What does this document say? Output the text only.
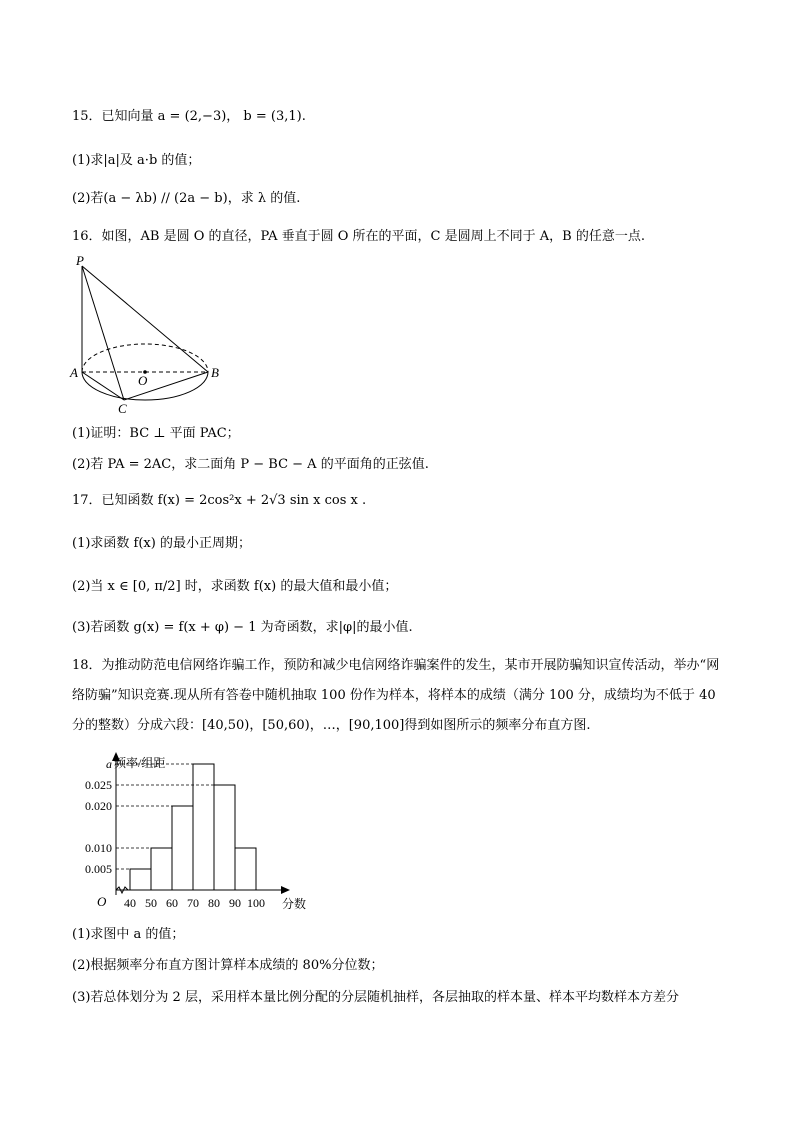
15．已知向量 a = (2,−3)， b = (3,1).
(1)求|a|及 a·b 的值；
(2)若(a − λb) // (2a − b)，求 λ 的值.
16．如图，AB 是圆 O 的直径，PA 垂直于圆 O 所在的平面，C 是圆周上不同于 A，B 的任意一点.
P
A	B
C
O
(1)证明：BC ⊥ 平面 PAC；
(2)若 PA = 2AC，求二面角 P − BC − A 的平面角的正弦值.
17．已知函数 f(x) = 2cos²x + 2√3 sin x cos x .
(1)求函数 f(x) 的最小正周期；
(2)当 x ∈ [0, π/2] 时，求函数 f(x) 的最大值和最小值；
(3)若函数 g(x) = f(x + φ) − 1 为奇函数，求|φ|的最小值.
18．为推动防范电信网络诈骗工作，预防和减少电信网络诈骗案件的发生，某市开展防骗知识宣传活动，举办“网络防骗”知识竞赛.现从所有答卷中随机抽取 100 份作为样本，将样本的成绩（满分 100 分，成绩均为不低于 40 分的整数）分成六段：[40,50)，[50,60)，…，[90,100]得到如图所示的频率分布直方图.
O
频率/组距
分数
0.005
0.010
0.020
a
0.025
40 50 60 70 80 90 100
(1)求图中 a 的值；
(2)根据频率分布直方图计算样本成绩的 80%分位数；
(3)若总体划分为 2 层，采用样本量比例分配的分层随机抽样，各层抽取的样本量、样本平均数样本方差分
